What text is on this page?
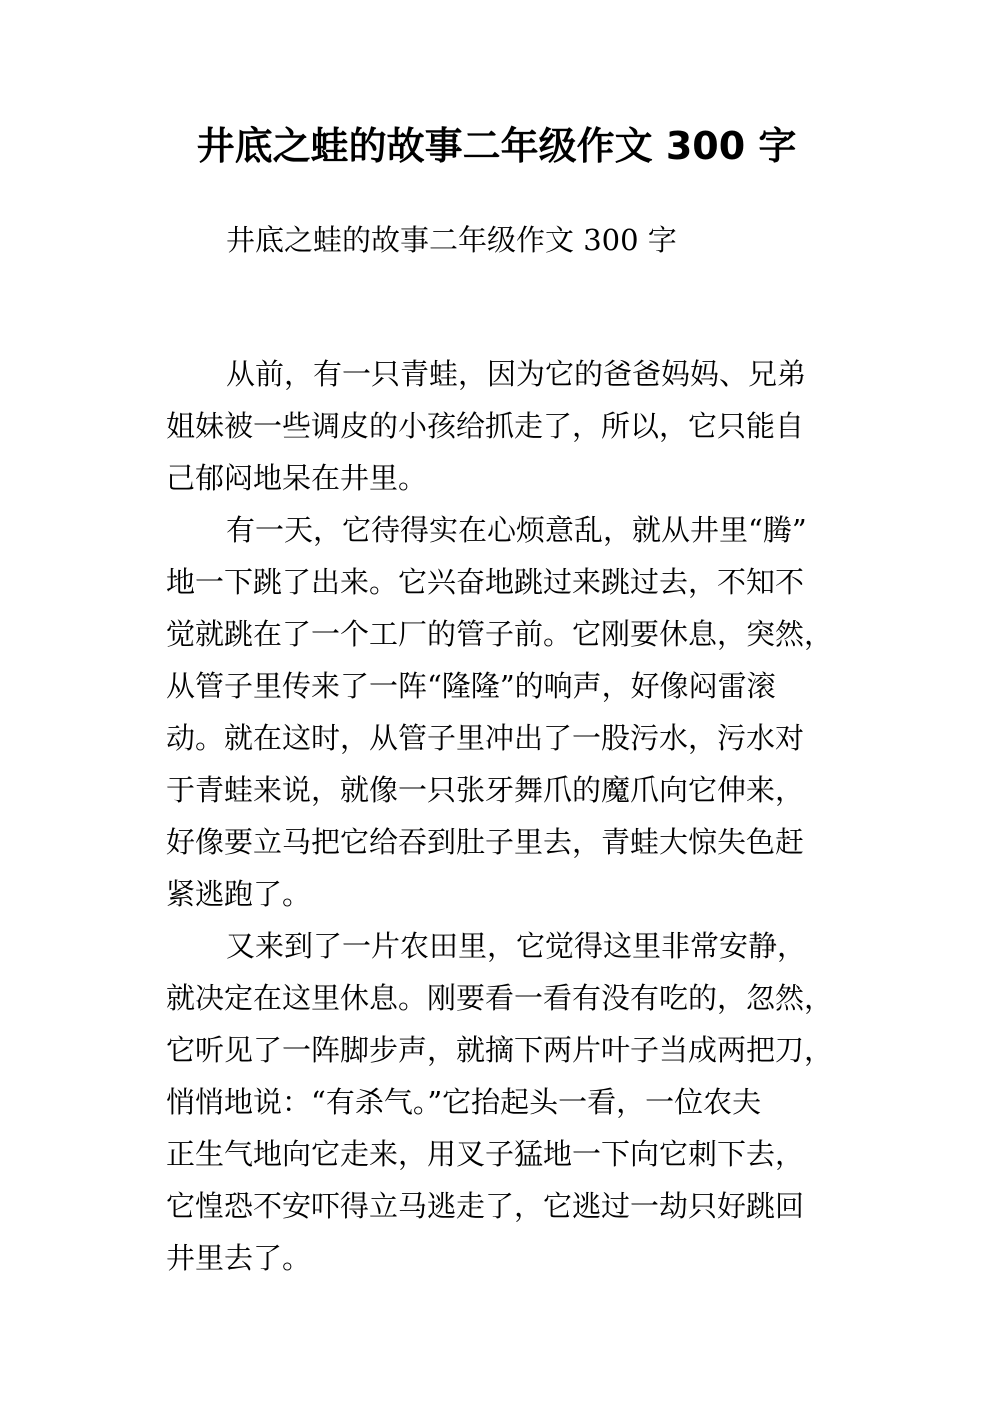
井底之蛙的故事二年级作文 300 字
井底之蛙的故事二年级作文 300 字
从前，有一只青蛙，因为它的爸爸妈妈、兄弟
姐妹被一些调皮的小孩给抓走了，所以，它只能自
己郁闷地呆在井里。
有一天，它待得实在心烦意乱，就从井里“腾”
地一下跳了出来。它兴奋地跳过来跳过去，不知不
觉就跳在了一个工厂的管子前。它刚要休息，突然，
从管子里传来了一阵“隆隆”的响声，好像闷雷滚
动。就在这时，从管子里冲出了一股污水，污水对
于青蛙来说，就像一只张牙舞爪的魔爪向它伸来，
好像要立马把它给吞到肚子里去，青蛙大惊失色赶
紧逃跑了。
又来到了一片农田里，它觉得这里非常安静，
就决定在这里休息。刚要看一看有没有吃的，忽然，
它听见了一阵脚步声，就摘下两片叶子当成两把刀，
悄悄地说：“有杀气。”它抬起头一看，一位农夫
正生气地向它走来，用叉子猛地一下向它刺下去，
它惶恐不安吓得立马逃走了，它逃过一劫只好跳回
井里去了。
